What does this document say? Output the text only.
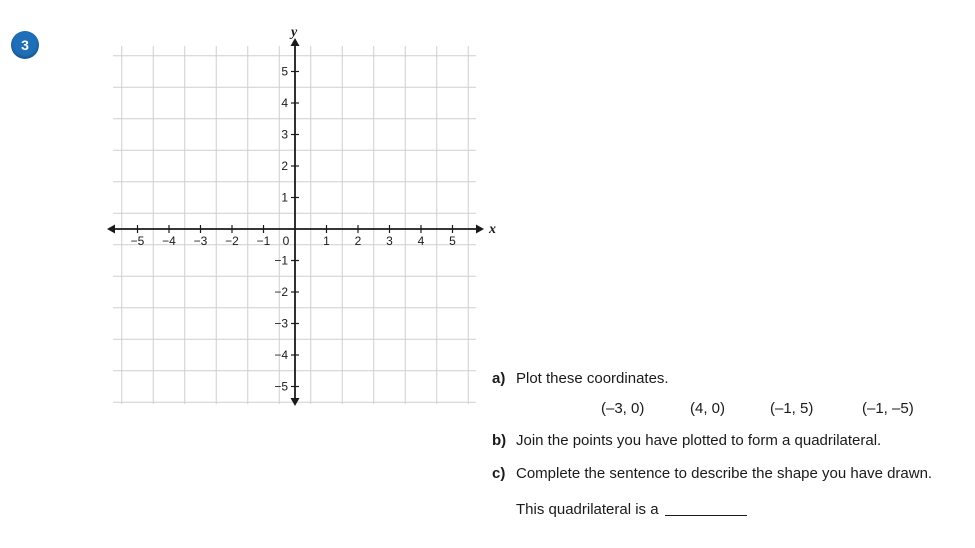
3
−5 −4 −3 −2 −1 0	1 2 3 4 5
−5
−4
−3
−2
−1
1
2
3
4
5
x
y
a) Plot these coordinates.
(–3, 0)	(4, 0)	(–1, 5)	(–1, –5)
b) Join the points you have plotted to form a quadrilateral.
c) Complete the sentence to describe the shape you have drawn.
This quadrilateral is a
